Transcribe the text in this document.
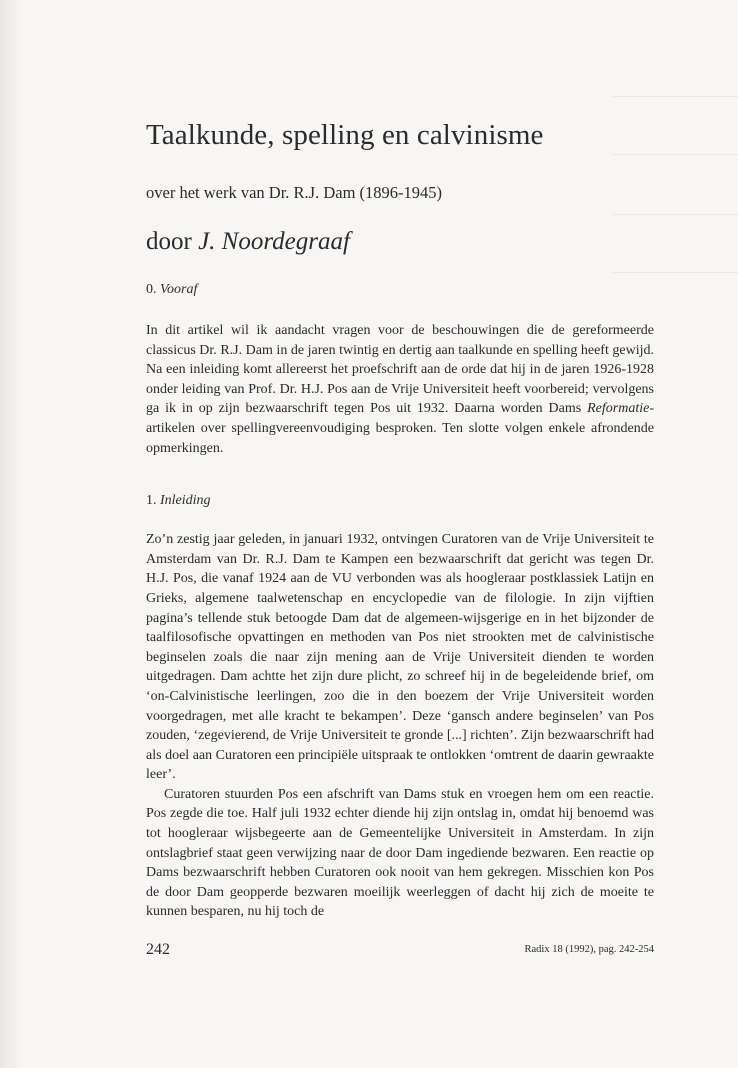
Taalkunde, spelling en calvinisme
over het werk van Dr. R.J. Dam (1896-1945)
door J. Noordegraaf
0. Vooraf

In dit artikel wil ik aandacht vragen voor de beschouwingen die de gereformeerde classicus Dr. R.J. Dam in de jaren twintig en dertig aan taalkunde en spelling heeft gewijd. Na een inleiding komt allereerst het proefschrift aan de orde dat hij in de jaren 1926-1928 onder leiding van Prof. Dr. H.J. Pos aan de Vrije Universiteit heeft voorbereid; vervolgens ga ik in op zijn bezwaarschrift tegen Pos uit 1932. Daarna worden Dams Reformatie-artikelen over spellingvereenvoudiging besproken. Ten slotte volgen enkele afrondende opmerkingen.

1. Inleiding

Zo’n zestig jaar geleden, in januari 1932, ontvingen Curatoren van de Vrije Universiteit te Amsterdam van Dr. R.J. Dam te Kampen een bezwaarschrift dat gericht was tegen Dr. H.J. Pos, die vanaf 1924 aan de VU verbonden was als hoogleraar postklassiek Latijn en Grieks, algemene taalwetenschap en encyclopedie van de filologie. In zijn vijftien pagina’s tellende stuk betoogde Dam dat de algemeen-wijsgerige en in het bijzonder de taalfilosofische opvattingen en methoden van Pos niet strookten met de calvinistische beginselen zoals die naar zijn mening aan de Vrije Universiteit dienden te worden uitgedragen. Dam achtte het zijn dure plicht, zo schreef hij in de begeleidende brief, om ‘on-Calvinistische leerlingen, zoo die in den boezem der Vrije Universiteit worden voorgedragen, met alle kracht te bekampen’. Deze ‘gansch andere beginselen’ van Pos zouden, ‘zegevierend, de Vrije Universiteit te gronde [...] richten’. Zijn bezwaarschrift had als doel aan Curatoren een principiële uitspraak te ontlokken ‘omtrent de daarin gewraakte leer’.

Curatoren stuurden Pos een afschrift van Dams stuk en vroegen hem om een reactie. Pos zegde die toe. Half juli 1932 echter diende hij zijn ontslag in, omdat hij benoemd was tot hoogleraar wijsbegeerte aan de Gemeentelijke Universiteit in Amsterdam. In zijn ontslagbrief staat geen verwijzing naar de door Dam ingediende bezwaren. Een reactie op Dams bezwaarschrift hebben Curatoren ook nooit van hem gekregen. Misschien kon Pos de door Dam geopperde bezwaren moeilijk weerleggen of dacht hij zich de moeite te kunnen besparen, nu hij toch de

242	Radix 18 (1992), pag. 242-254
